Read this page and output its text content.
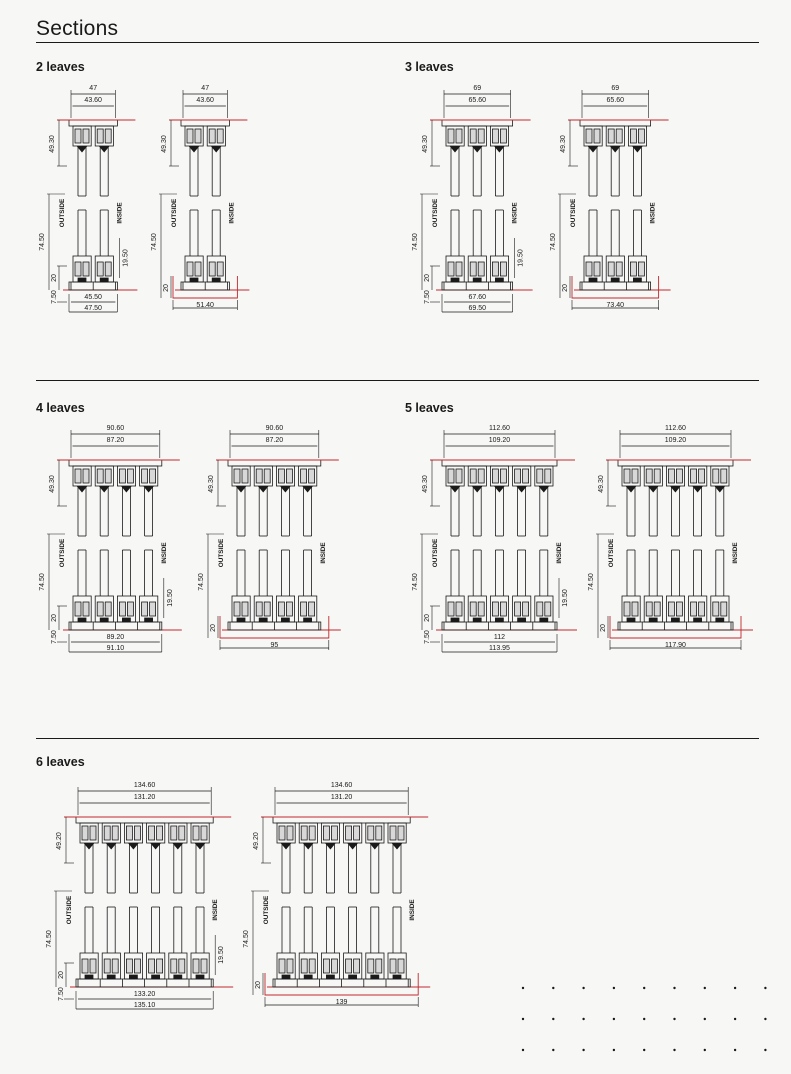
Sections
2 leaves	3 leaves
4 leaves	5 leaves
6 leaves
47
43.60
49.30
OUTSIDE	INSIDE
74.50
20
7.50
19.50
45.50
47.50
47
43.60
49.30
OUTSIDE	INSIDE
74.50
20
51.40
69
65.60
49.30
OUTSIDE	INSIDE
74.50
20
7.50
19.50
67.60
69.50
69
65.60
49.30
OUTSIDE	INSIDE
74.50
20
73.40
90.60
87.20
49.30
OUTSIDE	INSIDE
74.50
20
7.50
19.50
89.20
91.10
90.60
87.20
49.30
OUTSIDE	INSIDE
74.50
20
95
112.60
109.20
49.30
OUTSIDE	INSIDE
74.50
20
7.50
19.50
112
113.95
112.60
109.20
49.30
OUTSIDE	INSIDE
74.50
20
117.90
134.60
131.20
49.20
OUTSIDE	INSIDE
74.50
20
7.50
19.50
133.20
135.10
134.60
131.20
49.20
OUTSIDE	INSIDE
74.50
20
139
